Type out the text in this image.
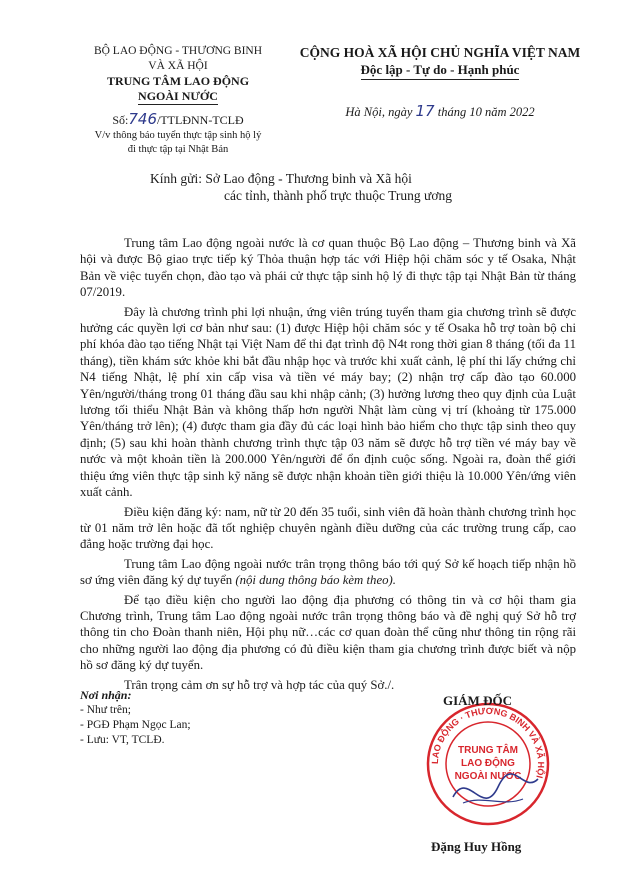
BỘ LAO ĐỘNG - THƯƠNG BINH
VÀ XÃ HỘI
TRUNG TÂM LAO ĐỘNG
NGOÀI NƯỚC
Số:746/TTLĐNN-TCLĐ
V/v thông báo tuyển thực tập sinh hộ lý
đi thực tập tại Nhật Bản
CỘNG HOÀ XÃ HỘI CHỦ NGHĨA VIỆT NAM
Độc lập - Tự do - Hạnh phúc
Hà Nội, ngày 17 tháng 10 năm 2022
Kính gửi: Sở Lao động - Thương binh và Xã hội
các tỉnh, thành phố trực thuộc Trung ương

Trung tâm Lao động ngoài nước là cơ quan thuộc Bộ Lao động – Thương binh và Xã hội và được Bộ giao trực tiếp ký Thỏa thuận hợp tác với Hiệp hội chăm sóc y tế Osaka, Nhật Bản về việc tuyển chọn, đào tạo và phái cử thực tập sinh hộ lý đi thực tập tại Nhật Bản từ tháng 07/2019.

Đây là chương trình phi lợi nhuận, ứng viên trúng tuyển tham gia chương trình sẽ được hưởng các quyền lợi cơ bản như sau: (1) được Hiệp hội chăm sóc y tế Osaka hỗ trợ toàn bộ chi phí khóa đào tạo tiếng Nhật tại Việt Nam để thi đạt trình độ N4t rong thời gian 8 tháng (tối đa 11 tháng), tiền khám sức khỏe khi bắt đầu nhập học và trước khi xuất cảnh, lệ phí thi lấy chứng chỉ N4 tiếng Nhật, lệ phí xin cấp visa và tiền vé máy bay; (2) nhận trợ cấp đào tạo 60.000 Yên/người/tháng trong 01 tháng đầu sau khi nhập cảnh; (3) hưởng lương theo quy định của Luật lương tối thiểu Nhật Bản và không thấp hơn người Nhật làm cùng vị trí (khoảng từ 175.000 Yên/tháng trở lên); (4) được tham gia đầy đủ các loại hình bảo hiểm cho thực tập sinh theo quy định; (5) sau khi hoàn thành chương trình thực tập 03 năm sẽ được hỗ trợ tiền vé máy bay về nước và một khoản tiền là 200.000 Yên/người để ổn định cuộc sống. Ngoài ra, đoàn thể giới thiệu ứng viên thực tập sinh kỹ năng sẽ được nhận khoản tiền giới thiệu là 10.000 Yên/ứng viên xuất cảnh.

Điều kiện đăng ký: nam, nữ từ 20 đến 35 tuổi, sinh viên đã hoàn thành chương trình học từ 01 năm trở lên hoặc đã tốt nghiệp chuyên ngành điều dưỡng của các trường trung cấp, cao đẳng hoặc trường đại học.

Trung tâm Lao động ngoài nước trân trọng thông báo tới quý Sở kế hoạch tiếp nhận hồ sơ ứng viên đăng ký dự tuyển (nội dung thông báo kèm theo).

Để tạo điều kiện cho người lao động địa phương có thông tin và cơ hội tham gia Chương trình, Trung tâm Lao động ngoài nước trân trọng thông báo và đề nghị quý Sở hỗ trợ thông tin cho Đoàn thanh niên, Hội phụ nữ…các cơ quan đoàn thể cũng như thông tin rộng rãi cho những người lao động địa phương có đủ điều kiện tham gia chương trình được biết và nộp hồ sơ đăng ký dự tuyển.

Trân trọng cảm ơn sự hỗ trợ và hợp tác của quý Sở./.

Nơi nhận:
- Như trên;
- PGĐ Phạm Ngọc Lan;
- Lưu: VT, TCLĐ.
LAO ĐỘNG · THƯƠNG BINH VÀ XÃ HỘI
TRUNG TÂM
LAO ĐỘNG
NGOÀI NƯỚC
GIÁM ĐỐC
Đặng Huy Hồng
